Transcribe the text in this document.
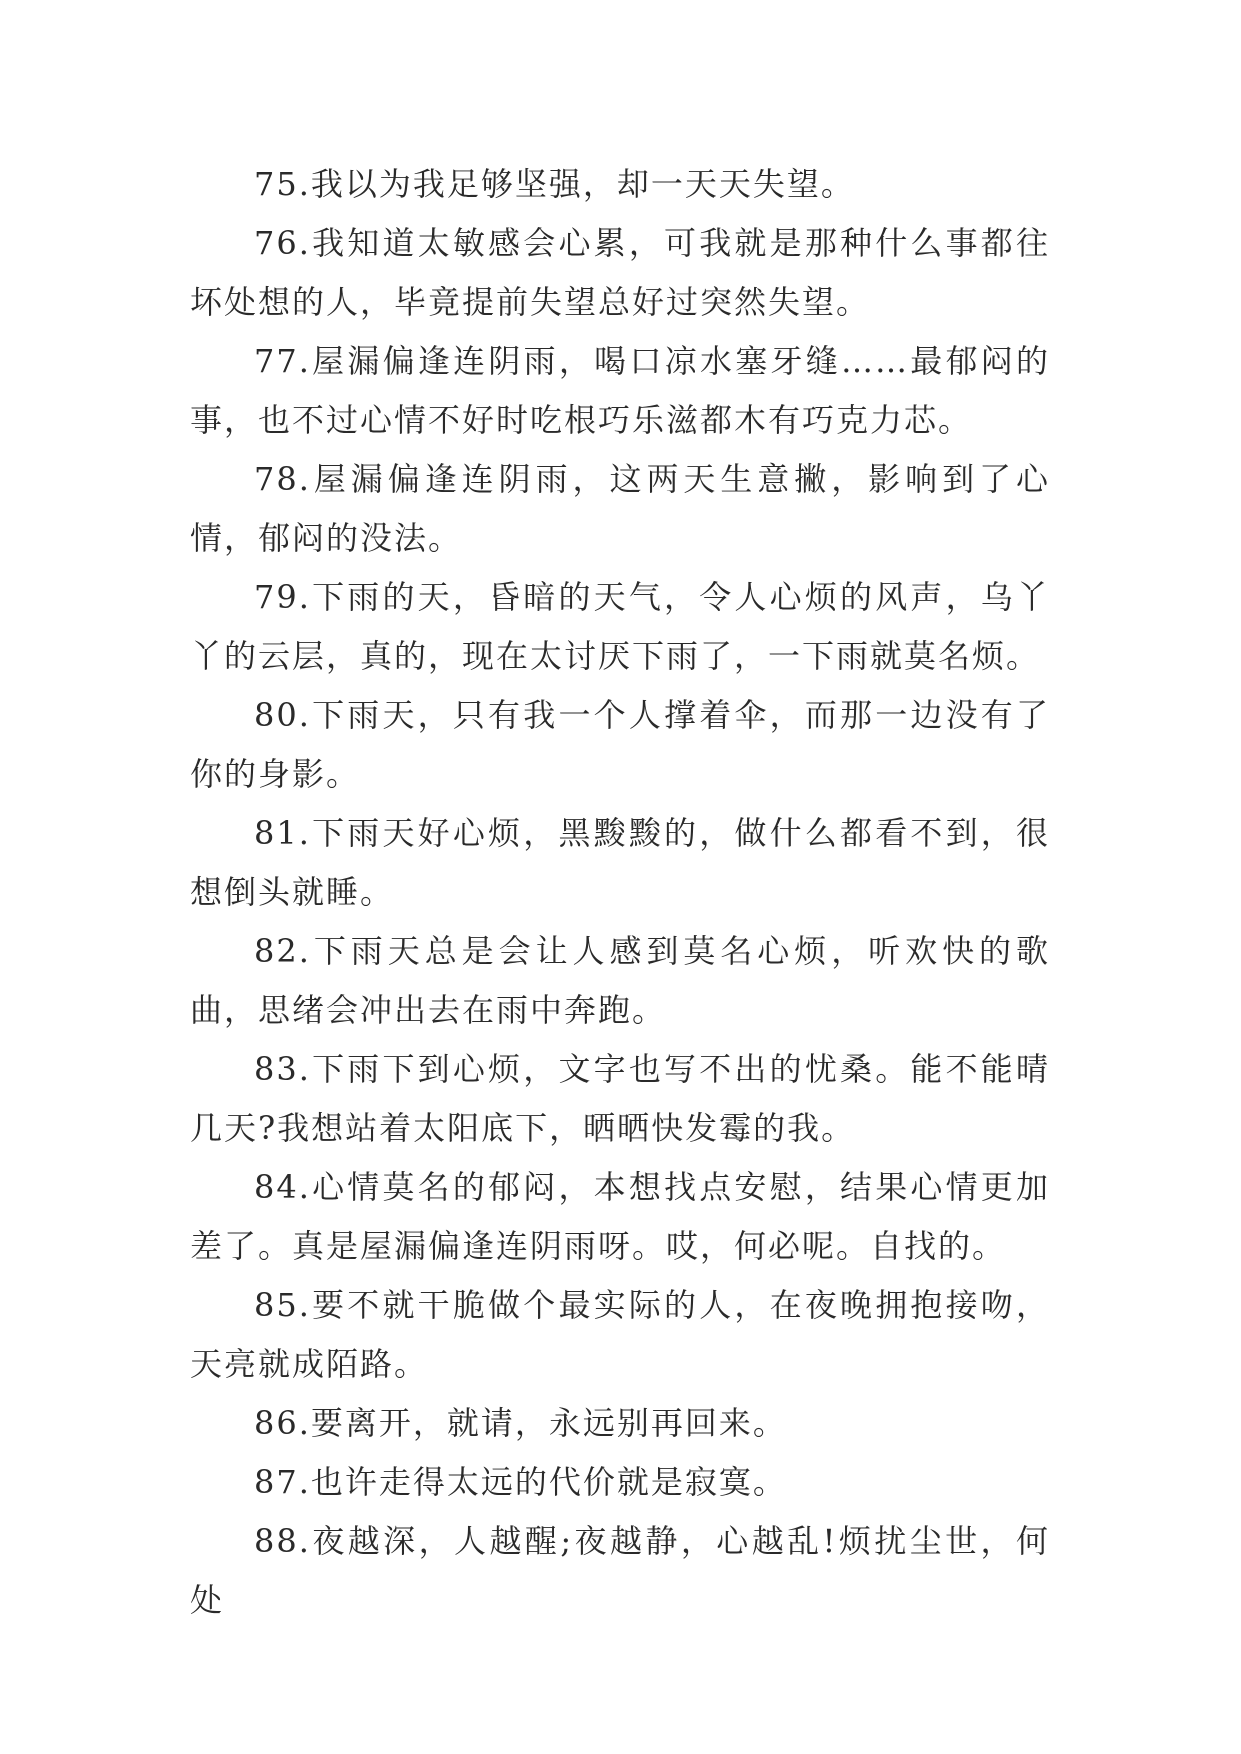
75.我以为我足够坚强，却一天天失望。

76.我知道太敏感会心累，可我就是那种什么事都往坏处想的人，毕竟提前失望总好过突然失望。

77.屋漏偏逢连阴雨，喝口凉水塞牙缝……最郁闷的事，也不过心情不好时吃根巧乐滋都木有巧克力芯。

78.屋漏偏逢连阴雨，这两天生意撇，影响到了心情，郁闷的没法。

79.下雨的天，昏暗的天气，令人心烦的风声，乌丫丫的云层，真的，现在太讨厌下雨了，一下雨就莫名烦。

80.下雨天，只有我一个人撑着伞，而那一边没有了你的身影。

81.下雨天好心烦，黑黢黢的，做什么都看不到，很想倒头就睡。

82.下雨天总是会让人感到莫名心烦，听欢快的歌曲，思绪会冲出去在雨中奔跑。

83.下雨下到心烦，文字也写不出的忧桑。能不能晴几天?我想站着太阳底下，晒晒快发霉的我。

84.心情莫名的郁闷，本想找点安慰，结果心情更加差了。真是屋漏偏逢连阴雨呀。哎，何必呢。自找的。

85.要不就干脆做个最实际的人，在夜晚拥抱接吻，天亮就成陌路。

86.要离开，就请，永远别再回来。

87.也许走得太远的代价就是寂寞。

88.夜越深，人越醒;夜越静，心越乱!烦扰尘世，何处
